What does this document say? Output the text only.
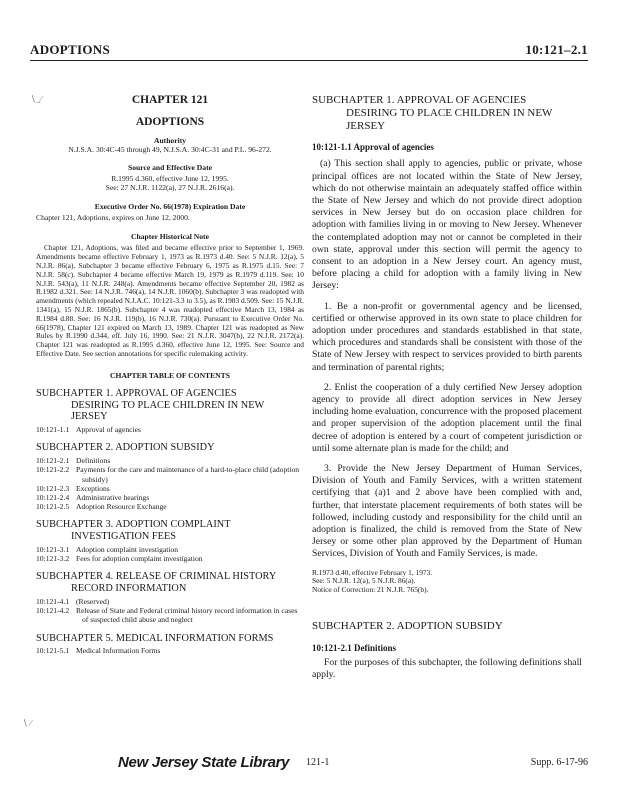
ADOPTIONS	10:121–2.1
∖_∕	CHAPTER 121
ADOPTIONS
Authority
N.J.S.A. 30:4C-45 through 49, N.J.S.A. 30:4C-31 and P.L. 96-272.
Source and Effective Date
R.1995 d.360, effective June 12, 1995.
See: 27 N.J.R. 1122(a), 27 N.J.R. 2616(a).
Executive Order No. 66(1978) Expiration Date
Chapter 121, Adoptions, expires on June 12, 2000.
Chapter Historical Note
Chapter 121, Adoptions, was filed and became effective prior to September 1, 1969. Amendments became effective February 1, 1973 as R.1973 d.40. See: 5 N.J.R. 12(a), 5 N.J.R. 86(a). Subchapter 3 became effective February 6, 1975 as R.1975 d.15. See: 7 N.J.R. 58(c). Subchapter 4 became effective March 19, 1979 as R.1979 d.119. See: 10 N.J.R. 543(a), 11 N.J.R. 248(a). Amendments became effective September 20, 1982 as R.1982 d.321. See: 14 N.J.R. 746(a), 14 N.J.R. 1060(b). Subchapter 3 was readopted with amendments (which repealed N.J.A.C. 10:121-3.3 to 3.5), as R.1983 d.509. See: 15 N.J.R. 1341(a), 15 N.J.R. 1865(b). Subchapter 4 was readopted effective March 13, 1984 as R.1984 d.88. See: 16 N.J.R. 119(b), 16 N.J.R. 730(a). Pursuant to Executive Order No. 66(1978), Chapter 121 expired on March 13, 1989. Chapter 121 was readopted as New Rules by R.1990 d.344, eff. July 16, 1990. See: 21 N.J.R. 3047(b), 22 N.J.R. 2172(a). Chapter 121 was readopted as R.1995 d.360, effective June 12, 1995. See: Source and Effective Date. See section annotations for specific rulemaking activity.
CHAPTER TABLE OF CONTENTS
SUBCHAPTER 1. APPROVAL OF AGENCIES
DESIRING TO PLACE CHILDREN IN NEW
JERSEY
10:121-1.1 Approval of agencies
SUBCHAPTER 2. ADOPTION SUBSIDY
10:121-2.1 Definitions
10:121-2.2 Payments for the care and maintenance of a hard-to-place child (adoption subsidy)
10:121-2.3 Exceptions
10:121-2.4 Administrative hearings
10:121-2.5 Adoption Resource Exchange
SUBCHAPTER 3. ADOPTION COMPLAINT
INVESTIGATION FEES
10:121-3.1 Adoption complaint investigation
10:121-3.2 Fees for adoption complaint investigation
SUBCHAPTER 4. RELEASE OF CRIMINAL HISTORY
RECORD INFORMATION
10:121-4.1 (Reserved)
10:121-4.2 Release of State and Federal criminal history record information in cases of suspected child abuse and neglect
SUBCHAPTER 5. MEDICAL INFORMATION FORMS
10:121-5.1 Medical Information Forms
SUBCHAPTER 1. APPROVAL OF AGENCIES
DESIRING TO PLACE CHILDREN IN NEW
JERSEY
10:121-1.1 Approval of agencies
(a) This section shall apply to agencies, public or private, whose principal offices are not located within the State of New Jersey, which do not otherwise maintain an adequately staffed office within the State of New Jersey and which do not provide direct adoption services in New Jersey but do on occasion place children for adoption with families living in or moving to New Jersey. Whenever the contemplated adoption may not or cannot be completed in their own state, approval under this section will permit the agency to consent to an adoption in a New Jersey court. An agency must, before placing a child for adoption with a family living in New Jersey:
1. Be a non-profit or governmental agency and be licensed, certified or otherwise approved in its own state to place children for adoption under procedures and standards established in that state, which procedures and standards shall be consistent with those of the State of New Jersey with respect to services provided to birth parents and termination of parental rights;
2. Enlist the cooperation of a duly certified New Jersey adoption agency to provide all direct adoption services in New Jersey including home evaluation, concurrence with the proposed placement and proper supervision of the adoption placement until the final decree of adoption is entered by a court of competent jurisdiction or until some alternate plan is made for the child; and
3. Provide the New Jersey Department of Human Services, Division of Youth and Family Services, with a written statement certifying that (a)1 and 2 above have been complied with and, further, that interstate placement requirements of both states will be followed, including custody and responsibility for the child until an adoption is finalized, the child is removed from the State of New Jersey or some other plan approved by the Department of Human Services, Division of Youth and Family Services, is made.
R.1973 d.40, effective February 1, 1973.
See: 5 N.J.R. 12(a), 5 N.J.R. 86(a).
Notice of Correction: 21 N.J.R. 765(b).
SUBCHAPTER 2. ADOPTION SUBSIDY
10:121-2.1 Definitions
For the purposes of this subchapter, the following definitions shall apply.
∖ ∕
New Jersey State Library 121-1	Supp. 6-17-96
